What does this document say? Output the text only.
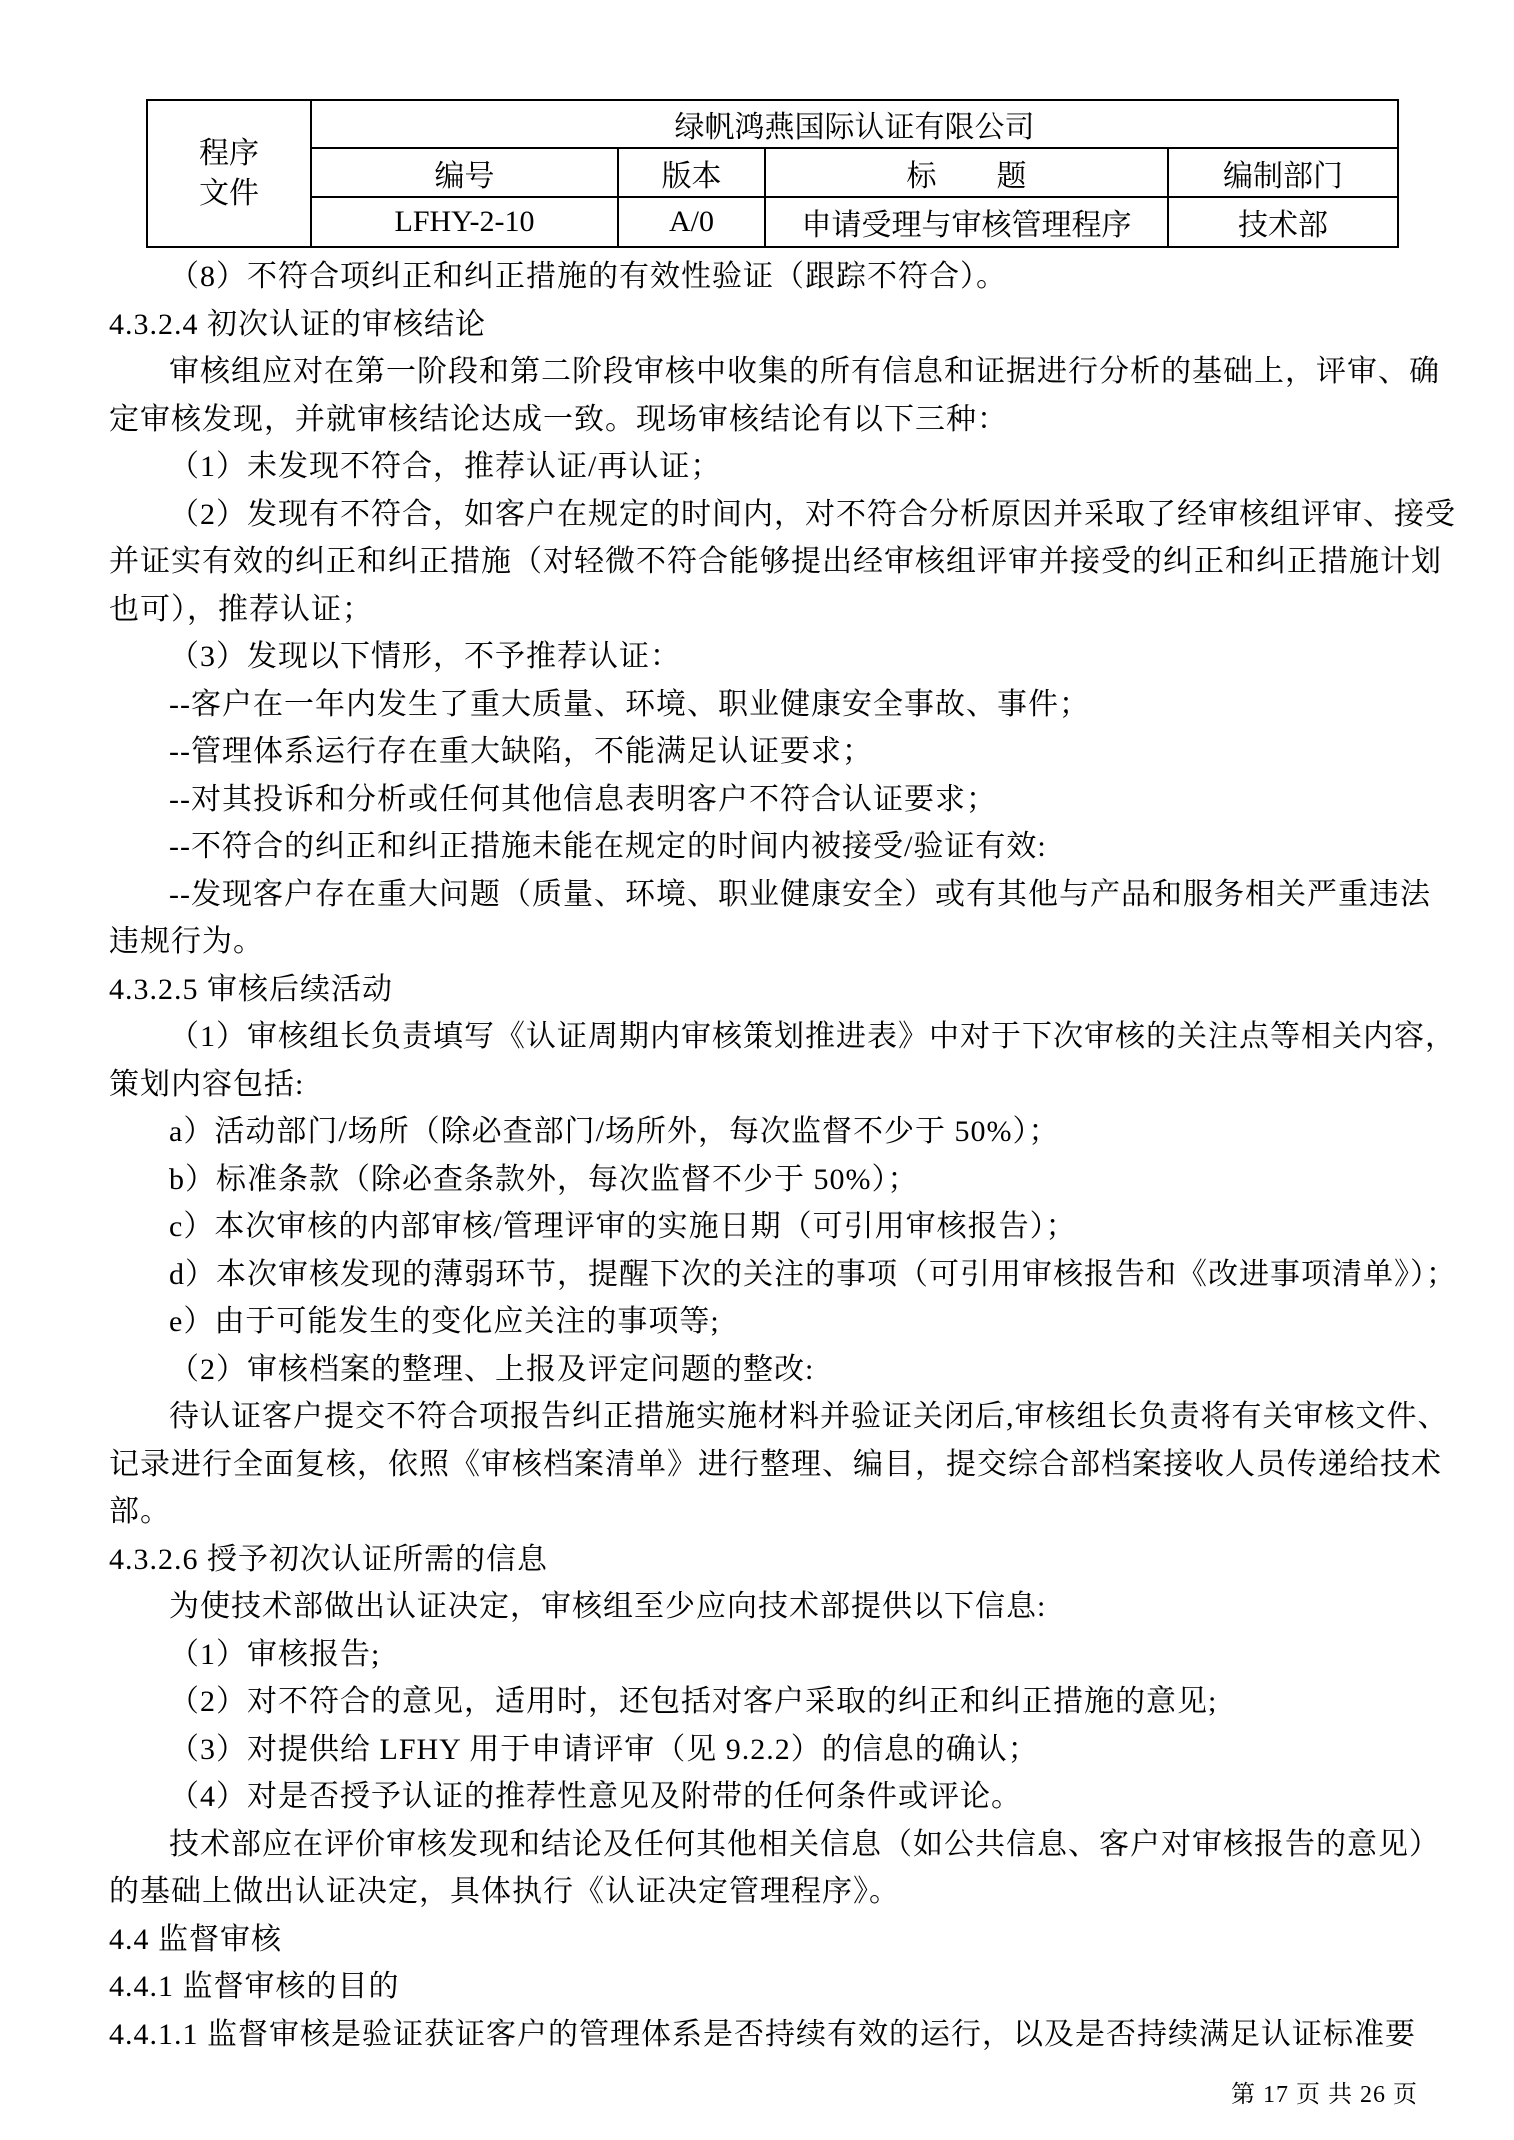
程序
文件	绿帆鸿燕国际认证有限公司			
	编号	版本	标　　题	编制部门
	LFHY-2-10	A/0	申请受理与审核管理程序	技术部
（8）不符合项纠正和纠正措施的有效性验证（跟踪不符合）。
4.3.2.4 初次认证的审核结论
审核组应对在第一阶段和第二阶段审核中收集的所有信息和证据进行分析的基础上，评审、确
定审核发现，并就审核结论达成一致。现场审核结论有以下三种：
（1）未发现不符合，推荐认证/再认证；
（2）发现有不符合，如客户在规定的时间内，对不符合分析原因并采取了经审核组评审、接受
并证实有效的纠正和纠正措施（对轻微不符合能够提出经审核组评审并接受的纠正和纠正措施计划
也可），推荐认证；
（3）发现以下情形，不予推荐认证：
--客户在一年内发生了重大质量、环境、职业健康安全事故、事件；
--管理体系运行存在重大缺陷，不能满足认证要求；
--对其投诉和分析或任何其他信息表明客户不符合认证要求；
--不符合的纠正和纠正措施未能在规定的时间内被接受/验证有效:
--发现客户存在重大问题（质量、环境、职业健康安全）或有其他与产品和服务相关严重违法
违规行为。
4.3.2.5 审核后续活动
（1）审核组长负责填写《认证周期内审核策划推进表》中对于下次审核的关注点等相关内容，
策划内容包括:
a）活动部门/场所（除必查部门/场所外，每次监督不少于 50%）；
b）标准条款（除必查条款外，每次监督不少于 50%）；
c）本次审核的内部审核/管理评审的实施日期（可引用审核报告）；
d）本次审核发现的薄弱环节，提醒下次的关注的事项（可引用审核报告和《改进事项清单》）；
e）由于可能发生的变化应关注的事项等;
（2）审核档案的整理、上报及评定问题的整改:
待认证客户提交不符合项报告纠正措施实施材料并验证关闭后,审核组长负责将有关审核文件、
记录进行全面复核，依照《审核档案清单》进行整理、编目，提交综合部档案接收人员传递给技术
部。
4.3.2.6 授予初次认证所需的信息
为使技术部做出认证决定，审核组至少应向技术部提供以下信息:
（1）审核报告;
（2）对不符合的意见，适用时，还包括对客户采取的纠正和纠正措施的意见;
（3）对提供给 LFHY 用于申请评审（见 9.2.2）的信息的确认；
（4）对是否授予认证的推荐性意见及附带的任何条件或评论。
技术部应在评价审核发现和结论及任何其他相关信息（如公共信息、客户对审核报告的意见）
的基础上做出认证决定，具体执行《认证决定管理程序》。
4.4 监督审核
4.4.1 监督审核的目的
4.4.1.1 监督审核是验证获证客户的管理体系是否持续有效的运行，以及是否持续满足认证标准要
第 17 页 共 26 页
